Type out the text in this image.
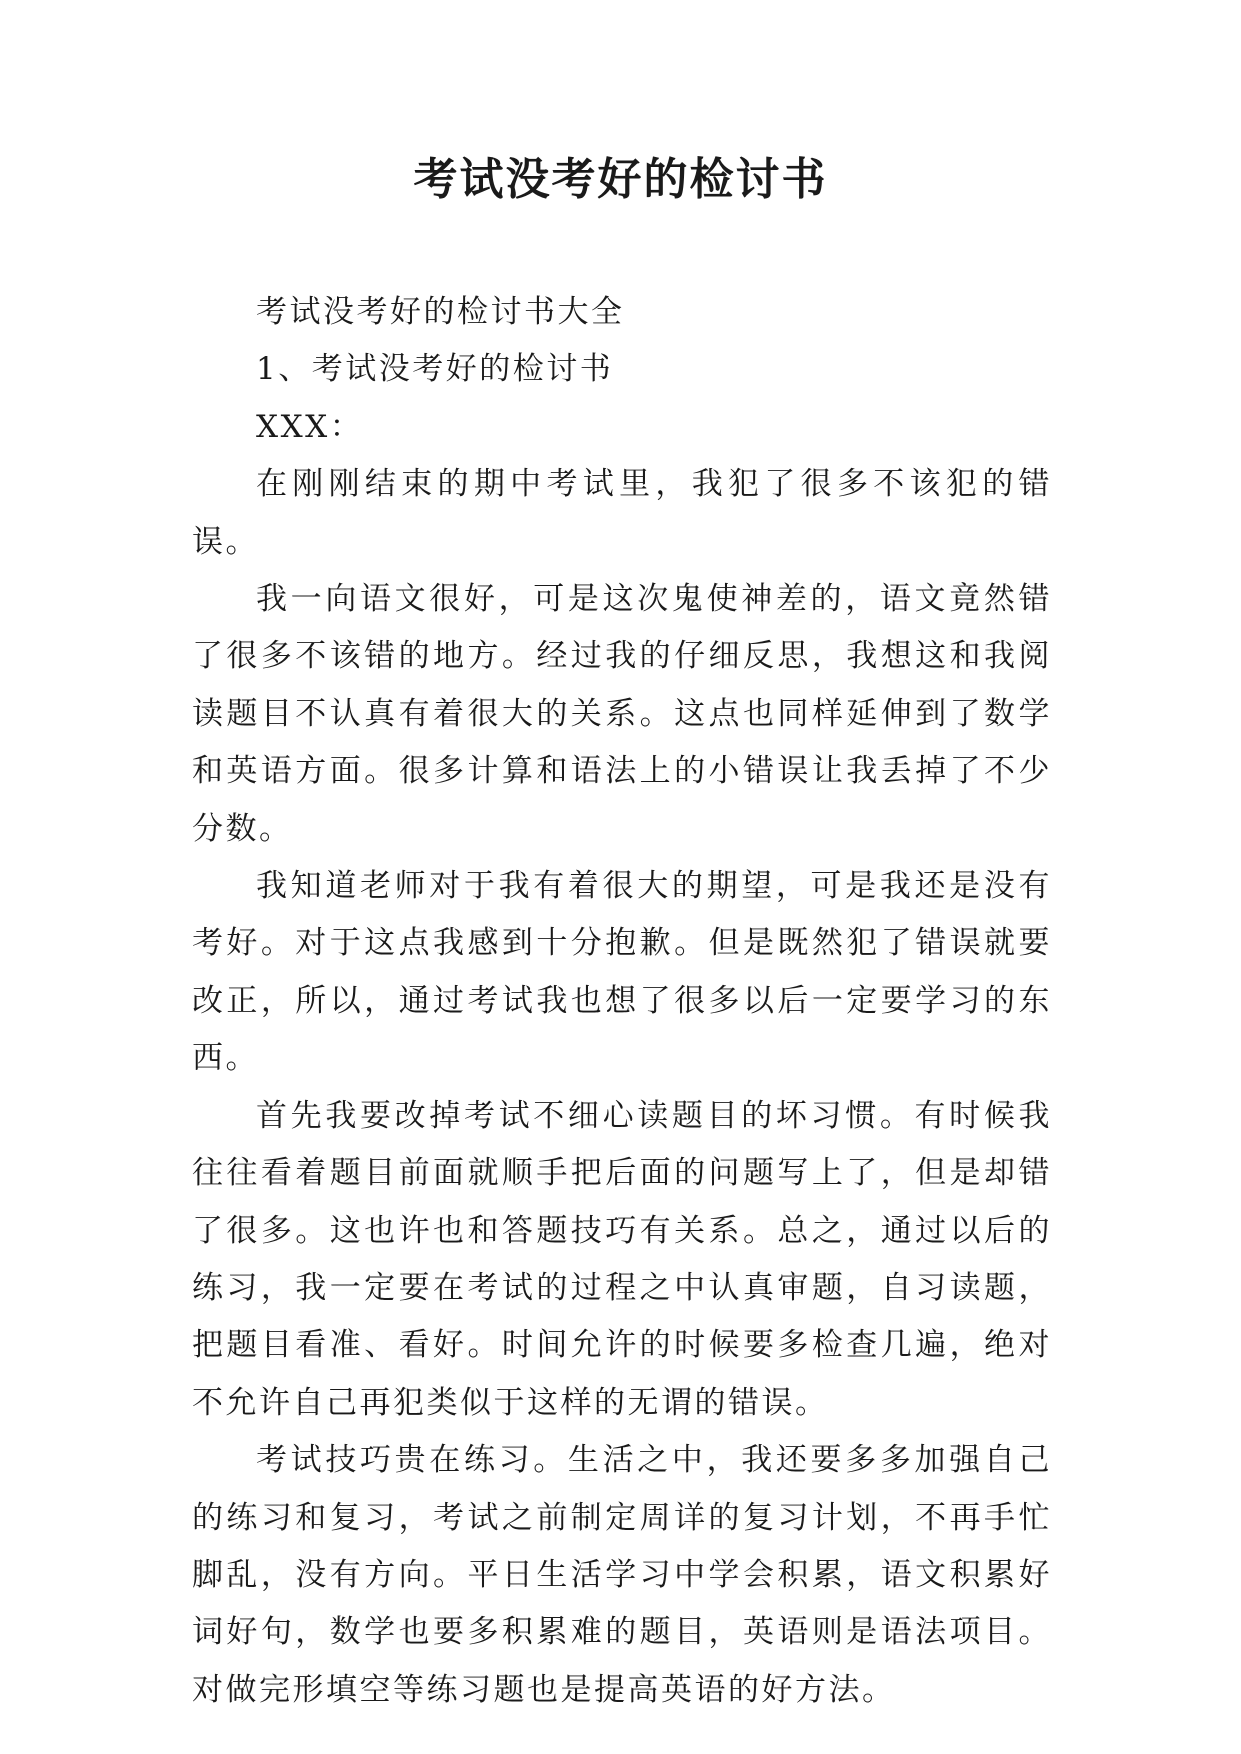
考试没考好的检讨书

考试没考好的检讨书大全

1、考试没考好的检讨书

XXX：

在刚刚结束的期中考试里，我犯了很多不该犯的错误。

我一向语文很好，可是这次鬼使神差的，语文竟然错了很多不该错的地方。经过我的仔细反思，我想这和我阅读题目不认真有着很大的关系。这点也同样延伸到了数学和英语方面。很多计算和语法上的小错误让我丢掉了不少分数。

我知道老师对于我有着很大的期望，可是我还是没有考好。对于这点我感到十分抱歉。但是既然犯了错误就要改正，所以，通过考试我也想了很多以后一定要学习的东西。

首先我要改掉考试不细心读题目的坏习惯。有时候我往往看着题目前面就顺手把后面的问题写上了，但是却错了很多。这也许也和答题技巧有关系。总之，通过以后的练习，我一定要在考试的过程之中认真审题，自习读题，把题目看准、看好。时间允许的时候要多检查几遍，绝对不允许自己再犯类似于这样的无谓的错误。

考试技巧贵在练习。生活之中，我还要多多加强自己的练习和复习，考试之前制定周详的复习计划，不再手忙脚乱，没有方向。平日生活学习中学会积累，语文积累好词好句，数学也要多积累难的题目，英语则是语法项目。对做完形填空等练习题也是提高英语的好方法。
